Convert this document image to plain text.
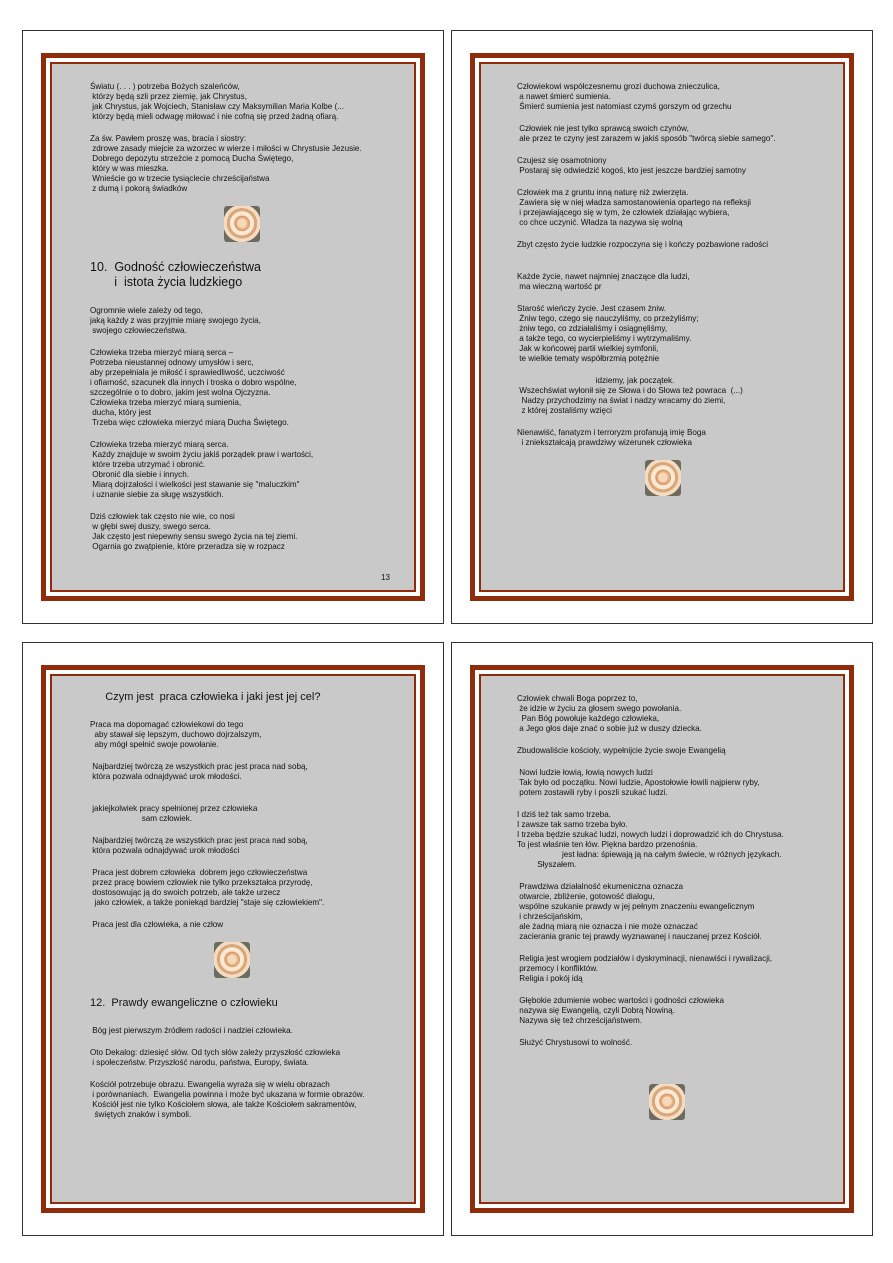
Światu (. . . ) potrzeba Bożych szaleńców,
którzy będą szli przez ziemię, jak Chrystus,
jak Chrystus, jak Wojciech, Stanisław czy Maksymilian Maria Kolbe (...
którzy będą mieli odwagę miłować i nie cofną się przed żadną ofiarą.

Za św. Pawłem proszę was, bracia i siostry:
zdrowe zasady miejcie za wzorzec w wierze i miłości w Chrystusie Jezusie.
Dobrego depozytu strzeżcie z pomocą Ducha Świętego,
który w was mieszka.
Wnieście go w trzecie tysiąclecie chrześcijaństwa
z dumą i pokorą świadków

10.  Godność człowieczeństwa
i  istota życia ludzkiego

Ogromnie wiele zależy od tego,
jaką każdy z was przyjmie miarę swojego życia,
swojego człowieczeństwa.

Człowieka trzeba mierzyć miarą serca –
Potrzeba nieustannej odnowy umysłów i serc,
aby przepełniała je miłość i sprawiedliwość, uczciwość
i ofiarność, szacunek dla innych i troska o dobro wspólne,
szczególnie o to dobro, jakim jest wolna Ojczyzna.
Człowieka trzeba mierzyć miarą sumienia,
ducha, który jest
Trzeba więc człowieka mierzyć miarą Ducha Świętego.

Człowieka trzeba mierzyć miarą serca.
Każdy znajduje w swoim życiu jakiś porządek praw i wartości,
które trzeba utrzymać i obronić.
Obronić dla siebie i innych.
Miarą dojrzałości i wielkości jest stawanie się "maluczkim"
i uznanie siebie za sługę wszystkich.

Dziś człowiek tak często nie wie, co nosi
w głębi swej duszy, swego serca.
Jak często jest niepewny sensu swego życia na tej ziemi.
Ogarnia go zwątpienie, które przeradza się w rozpacz

13

Człowiekowi współczesnemu grozi duchowa znieczulica,
a nawet śmierć sumienia.
Śmierć sumienia jest natomiast czymś gorszym od grzechu

Człowiek nie jest tylko sprawcą swoich czynów,
ale przez te czyny jest zarazem w jakiś sposób "twórcą siebie samego".

Czujesz się osamotniony
Postaraj się odwiedzić kogoś, kto jest jeszcze bardziej samotny

Człowiek ma z gruntu inną naturę niż zwierzęta.
Zawiera się w niej władza samostanowienia opartego na refleksji
i przejawiającego się w tym, że człowiek działając wybiera,
co chce uczynić. Władza ta nazywa się wolną

Zbyt często życie ludzkie rozpoczyna się i kończy pozbawione radości

Każde życie, nawet najmniej znaczące dla ludzi,
ma wieczną wartość pr

Starość wieńczy życie. Jest czasem żniw.
Żniw tego, czego się nauczyliśmy, co przeżyliśmy;
żniw tego, co zdziałaliśmy i osiągnęliśmy,
a także tego, co wycierpieliśmy i wytrzymaliśmy.
Jak w końcowej partii wielkiej symfonii,
te wielkie tematy współbrzmią potężnie

idziemy, jak początek.
Wszechświat wyłonił się ze Słowa i do Słowa też powraca  (...)
Nadzy przychodzimy na świat i nadzy wracamy do ziemi,
z której zostaliśmy wzięci

Nienawiść, fanatyzm i terroryzm profanują imię Boga
i zniekształcają prawdziwy wizerunek człowieka

Czym jest  praca człowieka i jaki jest jej cel?

Praca ma dopomagać człowiekowi do tego
aby stawał się lepszym, duchowo dojrzalszym,
aby mógł spełnić swoje powołanie.

Najbardziej twórczą ze wszystkich prac jest praca nad sobą,
która pozwala odnajdywać urok młodości.

jakiejkolwiek pracy spełnionej przez człowieka
sam człowiek.

Najbardziej twórczą ze wszystkich prac jest praca nad sobą,
która pozwala odnajdywać urok młodości

Praca jest dobrem człowieka  dobrem jego człowieczeństwa
przez pracę bowiem człowiek nie tylko przekształca przyrodę,
dostosowując ją do swoich potrzeb, ale także urzecz
jako człowiek, a także poniekąd bardziej "staje się człowiekiem".

Praca jest dla człowieka, a nie człow

12.  Prawdy ewangeliczne o człowieku

Bóg jest pierwszym źródłem radości i nadziei człowieka.

Oto Dekalog: dziesięć słów. Od tych słów zależy przyszłość człowieka
i społeczeństw. Przyszłość narodu, państwa, Europy, świata.

Kościół potrzebuje obrazu. Ewangelia wyraża się w wielu obrazach
i porównaniach.  Ewangelia powinna i może być ukazana w formie obrazów.
Kościół jest nie tylko Kościołem słowa, ale także Kościołem sakramentów,
świętych znaków i symboli.

Człowiek chwali Boga poprzez to,
że idzie w życiu za głosem swego powołania.
Pan Bóg powołuje każdego człowieka,
a Jego głos daje znać o sobie już w duszy dziecka.

Zbudowaliście kościoły, wypełnijcie życie swoje Ewangelią

Nowi ludzie łowią, łowią nowych ludzi
Tak było od początku. Nowi ludzie, Apostołowie łowili najpierw ryby,
potem zostawili ryby i poszli szukać ludzi.

I dziś też tak samo trzeba.
I zawsze tak samo trzeba było.
I trzeba będzie szukać ludzi, nowych ludzi i doprowadzić ich do Chrystusa.
To jest właśnie ten łów. Piękna bardzo przenośnia.
jest ładna: śpiewają ją na całym świecie, w różnych językach.
Słyszałem.

Prawdziwa działalność ekumeniczna oznacza
otwarcie, zbliżenie, gotowość dialogu,
wspólne szukanie prawdy w jej pełnym znaczeniu ewangelicznym
i chrześcijańskim,
ale żadną miarą nie oznacza i nie może oznaczać
zacierania granic tej prawdy wyznawanej i nauczanej przez Kościół.

Religia jest wrogiem podziałów i dyskryminacji, nienawiści i rywalizacji,
przemocy i konfliktów.
Religia i pokój idą

Głębokie zdumienie wobec wartości i godności człowieka
nazywa się Ewangelią, czyli Dobrą Nowiną.
Nazywa się też chrześcijaństwem.

Służyć Chrystusowi to wolność.
